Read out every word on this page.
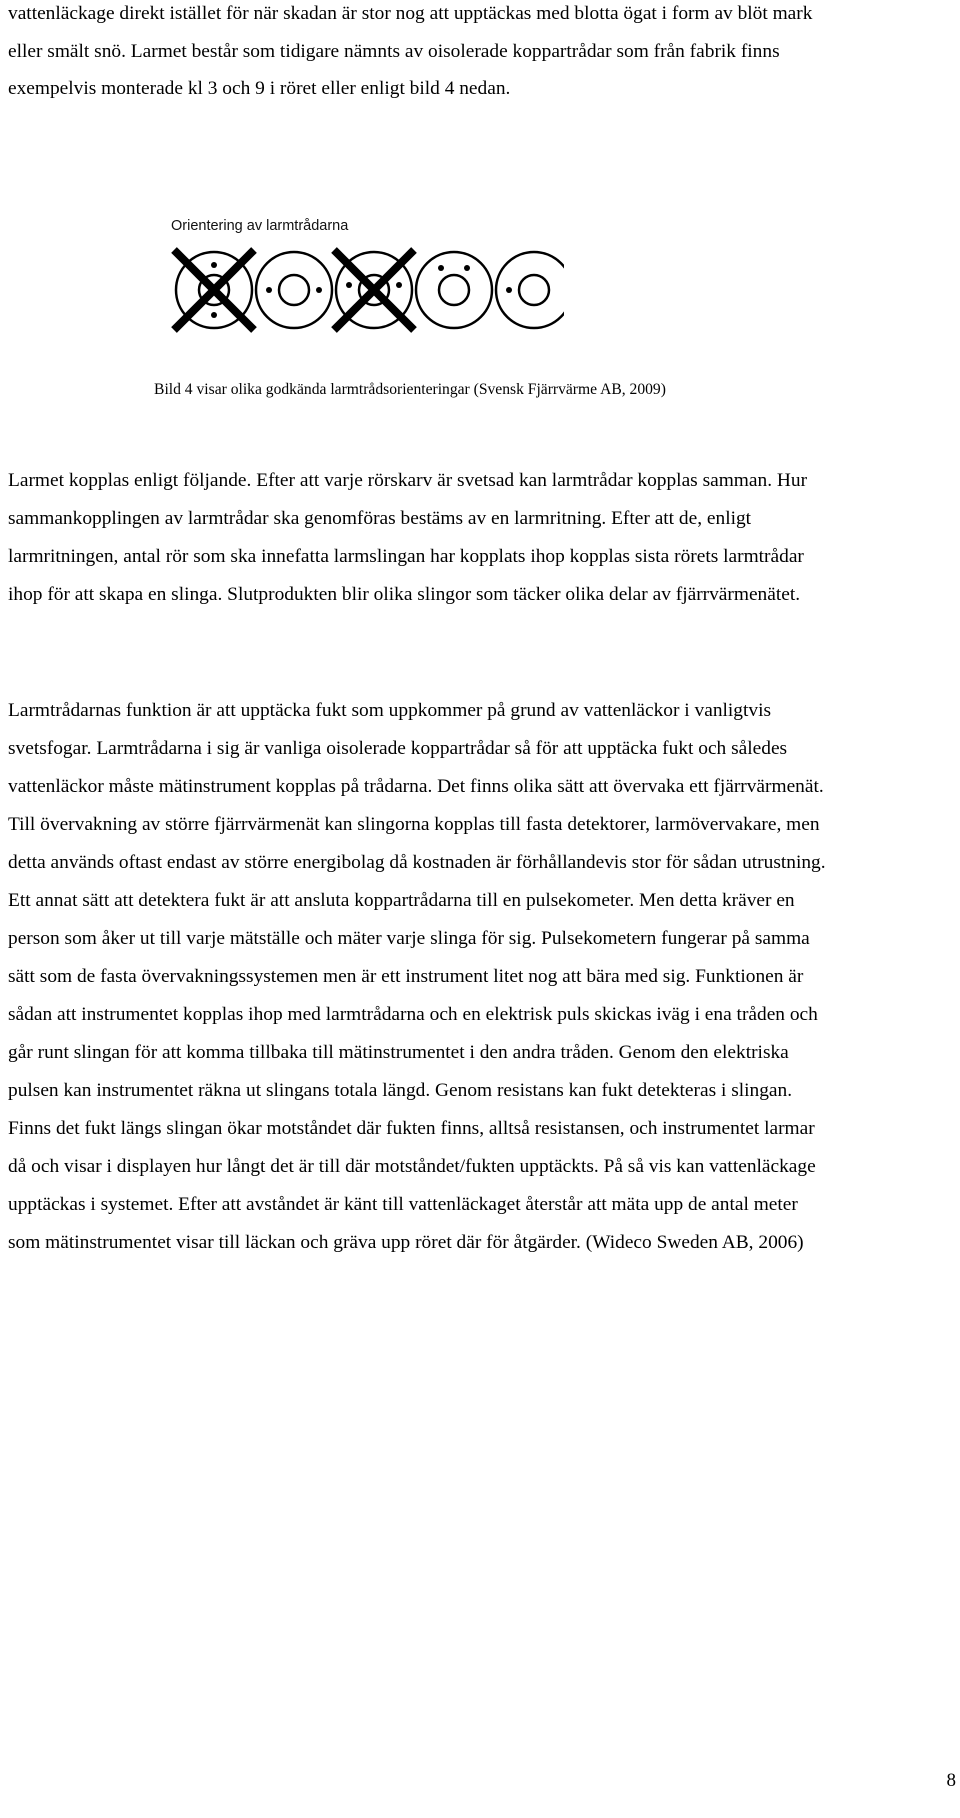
vattenläckage direkt istället för när skadan är stor nog att upptäckas med blotta ögat i form av blöt mark eller smält snö. Larmet består som tidigare nämnts av oisolerade koppartrådar som från fabrik finns exempelvis monterade kl 3 och 9 i röret eller enligt bild 4 nedan.

Orientering av larmtrådarna

Bild 4 visar olika godkända larmtrådsorienteringar (Svensk Fjärrvärme AB, 2009)

Larmet kopplas enligt följande. Efter att varje rörskarv är svetsad kan larmtrådar kopplas samman. Hur sammankopplingen av larmtrådar ska genomföras bestäms av en larmritning. Efter att de, enligt larmritningen, antal rör som ska innefatta larmslingan har kopplats ihop kopplas sista rörets larmtrådar ihop för att skapa en slinga. Slutprodukten blir olika slingor som täcker olika delar av fjärrvärmenätet.

Larmtrådarnas funktion är att upptäcka fukt som uppkommer på grund av vattenläckor i vanligtvis svetsfogar. Larmtrådarna i sig är vanliga oisolerade koppartrådar så för att upptäcka fukt och således vattenläckor måste mätinstrument kopplas på trådarna. Det finns olika sätt att övervaka ett fjärrvärmenät. Till övervakning av större fjärrvärmenät kan slingorna kopplas till fasta detektorer, larmövervakare, men detta används oftast endast av större energibolag då kostnaden är förhållandevis stor för sådan utrustning. Ett annat sätt att detektera fukt är att ansluta koppartrådarna till en pulsekometer. Men detta kräver en person som åker ut till varje mätställe och mäter varje slinga för sig. Pulsekometern fungerar på samma sätt som de fasta övervakningssystemen men är ett instrument litet nog att bära med sig. Funktionen är sådan att instrumentet kopplas ihop med larmtrådarna och en elektrisk puls skickas iväg i ena tråden och går runt slingan för att komma tillbaka till mätinstrumentet i den andra tråden. Genom den elektriska pulsen kan instrumentet räkna ut slingans totala längd. Genom resistans kan fukt detekteras i slingan. Finns det fukt längs slingan ökar motståndet där fukten finns, alltså resistansen, och instrumentet larmar då och visar i displayen hur långt det är till där motståndet/fukten upptäckts. På så vis kan vattenläckage upptäckas i systemet. Efter att avståndet är känt till vattenläckaget återstår att mäta upp de antal meter som mätinstrumentet visar till läckan och gräva upp röret där för åtgärder. (Wideco Sweden AB, 2006)

8
